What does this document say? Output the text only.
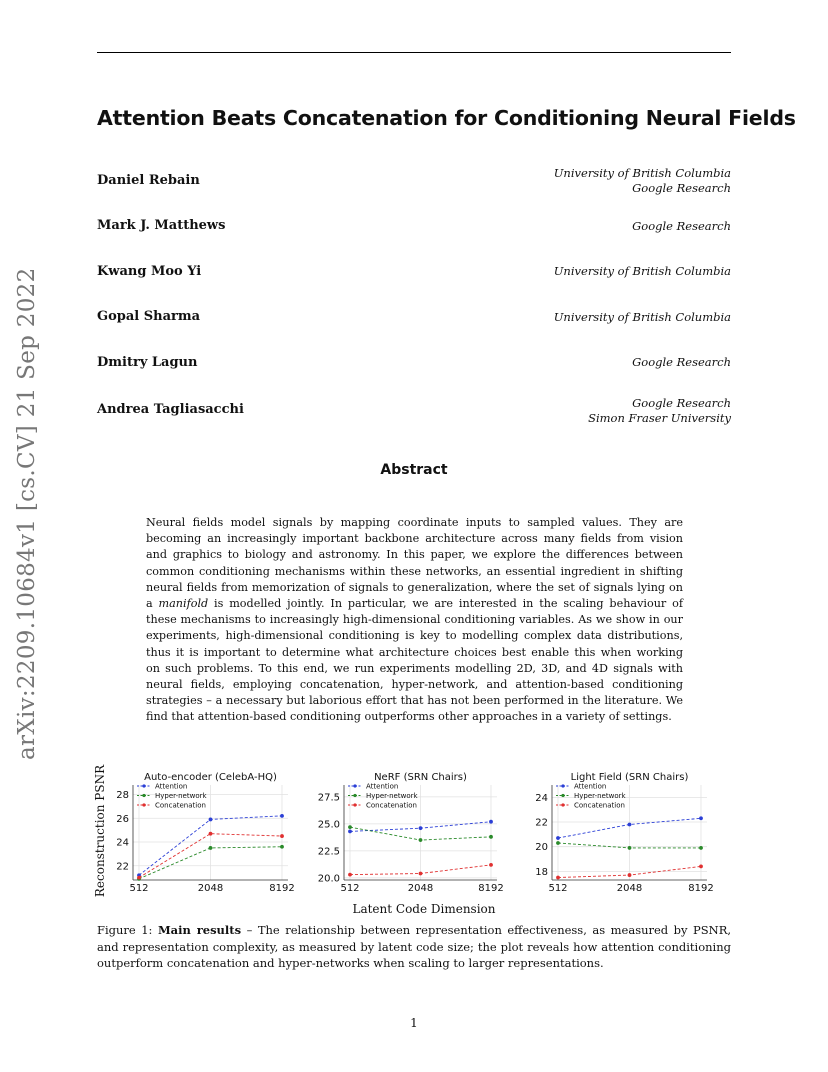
arXiv:2209.10684v1 [cs.CV] 21 Sep 2022
Attention Beats Concatenation for Conditioning Neural Fields
Daniel Rebain	University of British Columbia
Google Research
Mark J. Matthews	Google Research
Kwang Moo Yi	University of British Columbia
Gopal Sharma	University of British Columbia
Dmitry Lagun	Google Research
Andrea Tagliasacchi	Google Research
Simon Fraser University
Abstract
Neural fields model signals by mapping coordinate inputs to sampled values. They are
becoming an increasingly important backbone architecture across many fields from vision
and graphics to biology and astronomy. In this paper, we explore the differences between
common conditioning mechanisms within these networks, an essential ingredient in shifting
neural fields from memorization of signals to generalization, where the set of signals lying on
a manifold is modelled jointly. In particular, we are interested in the scaling behaviour of
these mechanisms to increasingly high-dimensional conditioning variables. As we show in our
experiments, high-dimensional conditioning is key to modelling complex data distributions,
thus it is important to determine what architecture choices best enable this when working
on such problems. To this end, we run experiments modelling 2D, 3D, and 4D signals with
neural fields, employing concatenation, hyper-network, and attention-based conditioning
strategies – a necessary but laborious effort that has not been performed in the literature. We
find that attention-based conditioning outperforms other approaches in a variety of settings.
Auto-encoder (CelebA-HQ)
22
24
26
28
512	2048	8192
Attention
Hyper-network
Concatenation
NeRF (SRN Chairs)
20.0
22.5
25.0
27.5
512	2048	8192
Attention
Hyper-network
Concatenation
Light Field (SRN Chairs)
18
20
22
24
512	2048	8192
Attention
Hyper-network
Concatenation
Reconstruction PSNR
Latent Code Dimension
Figure 1: Main results – The relationship between representation effectiveness, as measured by PSNR,
and representation complexity, as measured by latent code size; the plot reveals how attention conditioning
outperform concatenation and hyper-networks when scaling to larger representations.
1
